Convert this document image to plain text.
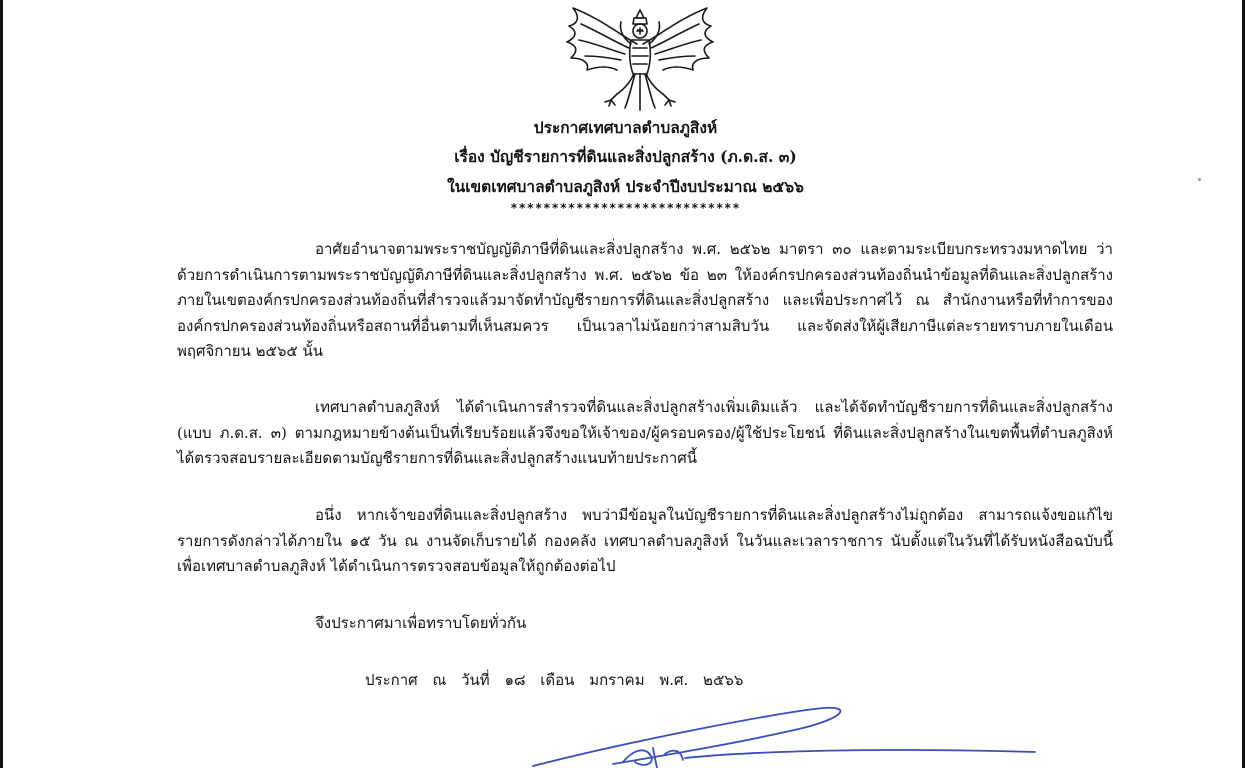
ประกาศเทศบาลตำบลภูสิงห์
เรื่อง บัญชีรายการที่ดินและสิ่งปลูกสร้าง (ภ.ด.ส. ๓)
ในเขตเทศบาลตำบลภูสิงห์ ประจำปีงบประมาณ ๒๕๖๖
****************************

อาศัยอำนาจตามพระราชบัญญัติภาษีที่ดินและสิ่งปลูกสร้าง พ.ศ. ๒๕๖๒ มาตรา ๓๐ และตามระเบียบกระทรวงมหาดไทย ว่าด้วยการดำเนินการตามพระราชบัญญัติภาษีที่ดินและสิ่งปลูกสร้าง พ.ศ. ๒๕๖๒ ข้อ ๒๓ ให้องค์กรปกครองส่วนท้องถิ่นนำข้อมูลที่ดินและสิ่งปลูกสร้าง ภายในเขตองค์กรปกครองส่วนท้องถิ่นที่สำรวจแล้วมาจัดทำบัญชีรายการที่ดินและสิ่งปลูกสร้าง และเพื่อประกาศไว้ ณ สำนักงานหรือที่ทำการขององค์กรปกครองส่วนท้องถิ่นหรือสถานที่อื่นตามที่เห็นสมควร เป็นเวลาไม่น้อยกว่าสามสิบวัน และจัดส่งให้ผู้เสียภาษีแต่ละรายทราบภายในเดือน พฤศจิกายน ๒๕๖๕ นั้น

เทศบาลตำบลภูสิงห์ ได้ดำเนินการสำรวจที่ดินและสิ่งปลูกสร้างเพิ่มเติมแล้ว และได้จัดทำบัญชีรายการที่ดินและสิ่งปลูกสร้าง (แบบ ภ.ด.ส. ๓) ตามกฎหมายข้างต้นเป็นที่เรียบร้อยแล้วจึงขอให้เจ้าของ/ผู้ครอบครอง/ผู้ใช้ประโยชน์ ที่ดินและสิ่งปลูกสร้างในเขตพื้นที่ตำบลภูสิงห์ ได้ตรวจสอบรายละเอียดตามบัญชีรายการที่ดินและสิ่งปลูกสร้างแนบท้ายประกาศนี้

อนึ่ง หากเจ้าของที่ดินและสิ่งปลูกสร้าง พบว่ามีข้อมูลในบัญชีรายการที่ดินและสิ่งปลูกสร้างไม่ถูกต้อง สามารถแจ้งขอแก้ไขรายการดังกล่าวได้ภายใน ๑๕ วัน ณ งานจัดเก็บรายได้ กองคลัง เทศบาลตำบลภูสิงห์ ในวันและเวลาราชการ นับตั้งแต่ในวันที่ได้รับหนังสือฉบับนี้ เพื่อเทศบาลตำบลภูสิงห์ ได้ดำเนินการตรวจสอบข้อมูลให้ถูกต้องต่อไป

จึงประกาศมาเพื่อทราบโดยทั่วกัน
ประกาศ ณ วันที่ ๑๘ เดือน มกราคม พ.ศ. ๒๕๖๖
